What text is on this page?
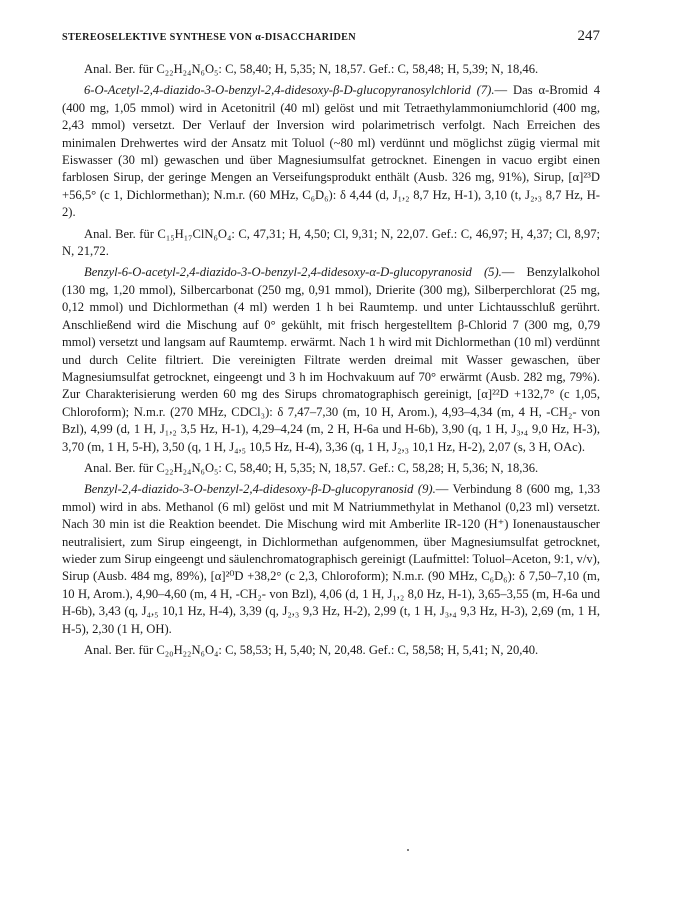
STEREOSELEKTIVE SYNTHESE VON α-DISACCHARIDEN	247

Anal. Ber. für C₂₂H₂₄N₆O₅: C, 58,40; H, 5,35; N, 18,57. Gef.: C, 58,48; H, 5,39; N, 18,46.

6-O-Acetyl-2,4-diazido-3-O-benzyl-2,4-didesoxy-β-D-glucopyranosylchlorid (7).— Das α-Bromid 4 (400 mg, 1,05 mmol) wird in Acetonitril (40 ml) gelöst und mit Tetraethylammoniumchlorid (400 mg, 2,43 mmol) versetzt. Der Verlauf der Inversion wird polarimetrisch verfolgt. Nach Erreichen des minimalen Drehwertes wird der Ansatz mit Toluol (~80 ml) verdünnt und möglichst zügig viermal mit Eiswasser (30 ml) gewaschen und über Magnesiumsulfat getrocknet. Einengen in vacuo ergibt einen farblosen Sirup, der geringe Mengen an Verseifungsprodukt enthält (Ausb. 326 mg, 91%), Sirup, [α]²³D +56,5° (c 1, Dichlormethan); N.m.r. (60 MHz, C₆D₆): δ 4,44 (d, J₁,₂ 8,7 Hz, H-1), 3,10 (t, J₂,₃ 8,7 Hz, H-2).

Anal. Ber. für C₁₅H₁₇ClN₆O₄: C, 47,31; H, 4,50; Cl, 9,31; N, 22,07. Gef.: C, 46,97; H, 4,37; Cl, 8,97; N, 21,72.

Benzyl-6-O-acetyl-2,4-diazido-3-O-benzyl-2,4-didesoxy-α-D-glucopyranosid (5).— Benzylalkohol (130 mg, 1,20 mmol), Silbercarbonat (250 mg, 0,91 mmol), Drierite (300 mg), Silberperchlorat (25 mg, 0,12 mmol) und Dichlormethan (4 ml) werden 1 h bei Raumtemp. und unter Lichtausschluß gerührt. Anschließend wird die Mischung auf 0° gekühlt, mit frisch hergestelltem β-Chlorid 7 (300 mg, 0,79 mmol) versetzt und langsam auf Raumtemp. erwärmt. Nach 1 h wird mit Dichlormethan (10 ml) verdünnt und durch Celite filtriert. Die vereinigten Filtrate werden dreimal mit Wasser gewaschen, über Magnesiumsulfat getrocknet, eingeengt und 3 h im Hochvakuum auf 70° erwärmt (Ausb. 282 mg, 79%). Zur Charakterisierung werden 60 mg des Sirups chromatographisch gereinigt, [α]²²D +132,7° (c 1,05, Chloroform); N.m.r. (270 MHz, CDCl₃): δ 7,47–7,30 (m, 10 H, Arom.), 4,93–4,34 (m, 4 H, -CH₂- von Bzl), 4,99 (d, 1 H, J₁,₂ 3,5 Hz, H-1), 4,29–4,24 (m, 2 H, H-6a und H-6b), 3,90 (q, 1 H, J₃,₄ 9,0 Hz, H-3), 3,70 (m, 1 H, 5-H), 3,50 (q, 1 H, J₄,₅ 10,5 Hz, H-4), 3,36 (q, 1 H, J₂,₃ 10,1 Hz, H-2), 2,07 (s, 3 H, OAc).

Anal. Ber. für C₂₂H₂₄N₆O₅: C, 58,40; H, 5,35; N, 18,57. Gef.: C, 58,28; H, 5,36; N, 18,36.

Benzyl-2,4-diazido-3-O-benzyl-2,4-didesoxy-β-D-glucopyranosid (9).— Verbindung 8 (600 mg, 1,33 mmol) wird in abs. Methanol (6 ml) gelöst und mit M Natriummethylat in Methanol (0,23 ml) versetzt. Nach 30 min ist die Reaktion beendet. Die Mischung wird mit Amberlite IR-120 (H⁺) Ionenaustauscher neutralisiert, zum Sirup eingeengt, in Dichlormethan aufgenommen, über Magnesiumsulfat getrocknet, wieder zum Sirup eingeengt und säulenchromatographisch gereinigt (Laufmittel: Toluol–Aceton, 9:1, v/v), Sirup (Ausb. 484 mg, 89%), [α]²⁰D +38,2° (c 2,3, Chloroform); N.m.r. (90 MHz, C₆D₆): δ 7,50–7,10 (m, 10 H, Arom.), 4,90–4,60 (m, 4 H, -CH₂- von Bzl), 4,06 (d, 1 H, J₁,₂ 8,0 Hz, H-1), 3,65–3,55 (m, H-6a und H-6b), 3,43 (q, J₄,₅ 10,1 Hz, H-4), 3,39 (q, J₂,₃ 9,3 Hz, H-2), 2,99 (t, 1 H, J₃,₄ 9,3 Hz, H-3), 2,69 (m, 1 H, H-5), 2,30 (1 H, OH).

Anal. Ber. für C₂₀H₂₂N₆O₄: C, 58,53; H, 5,40; N, 20,48. Gef.: C, 58,58; H, 5,41; N, 20,40.
